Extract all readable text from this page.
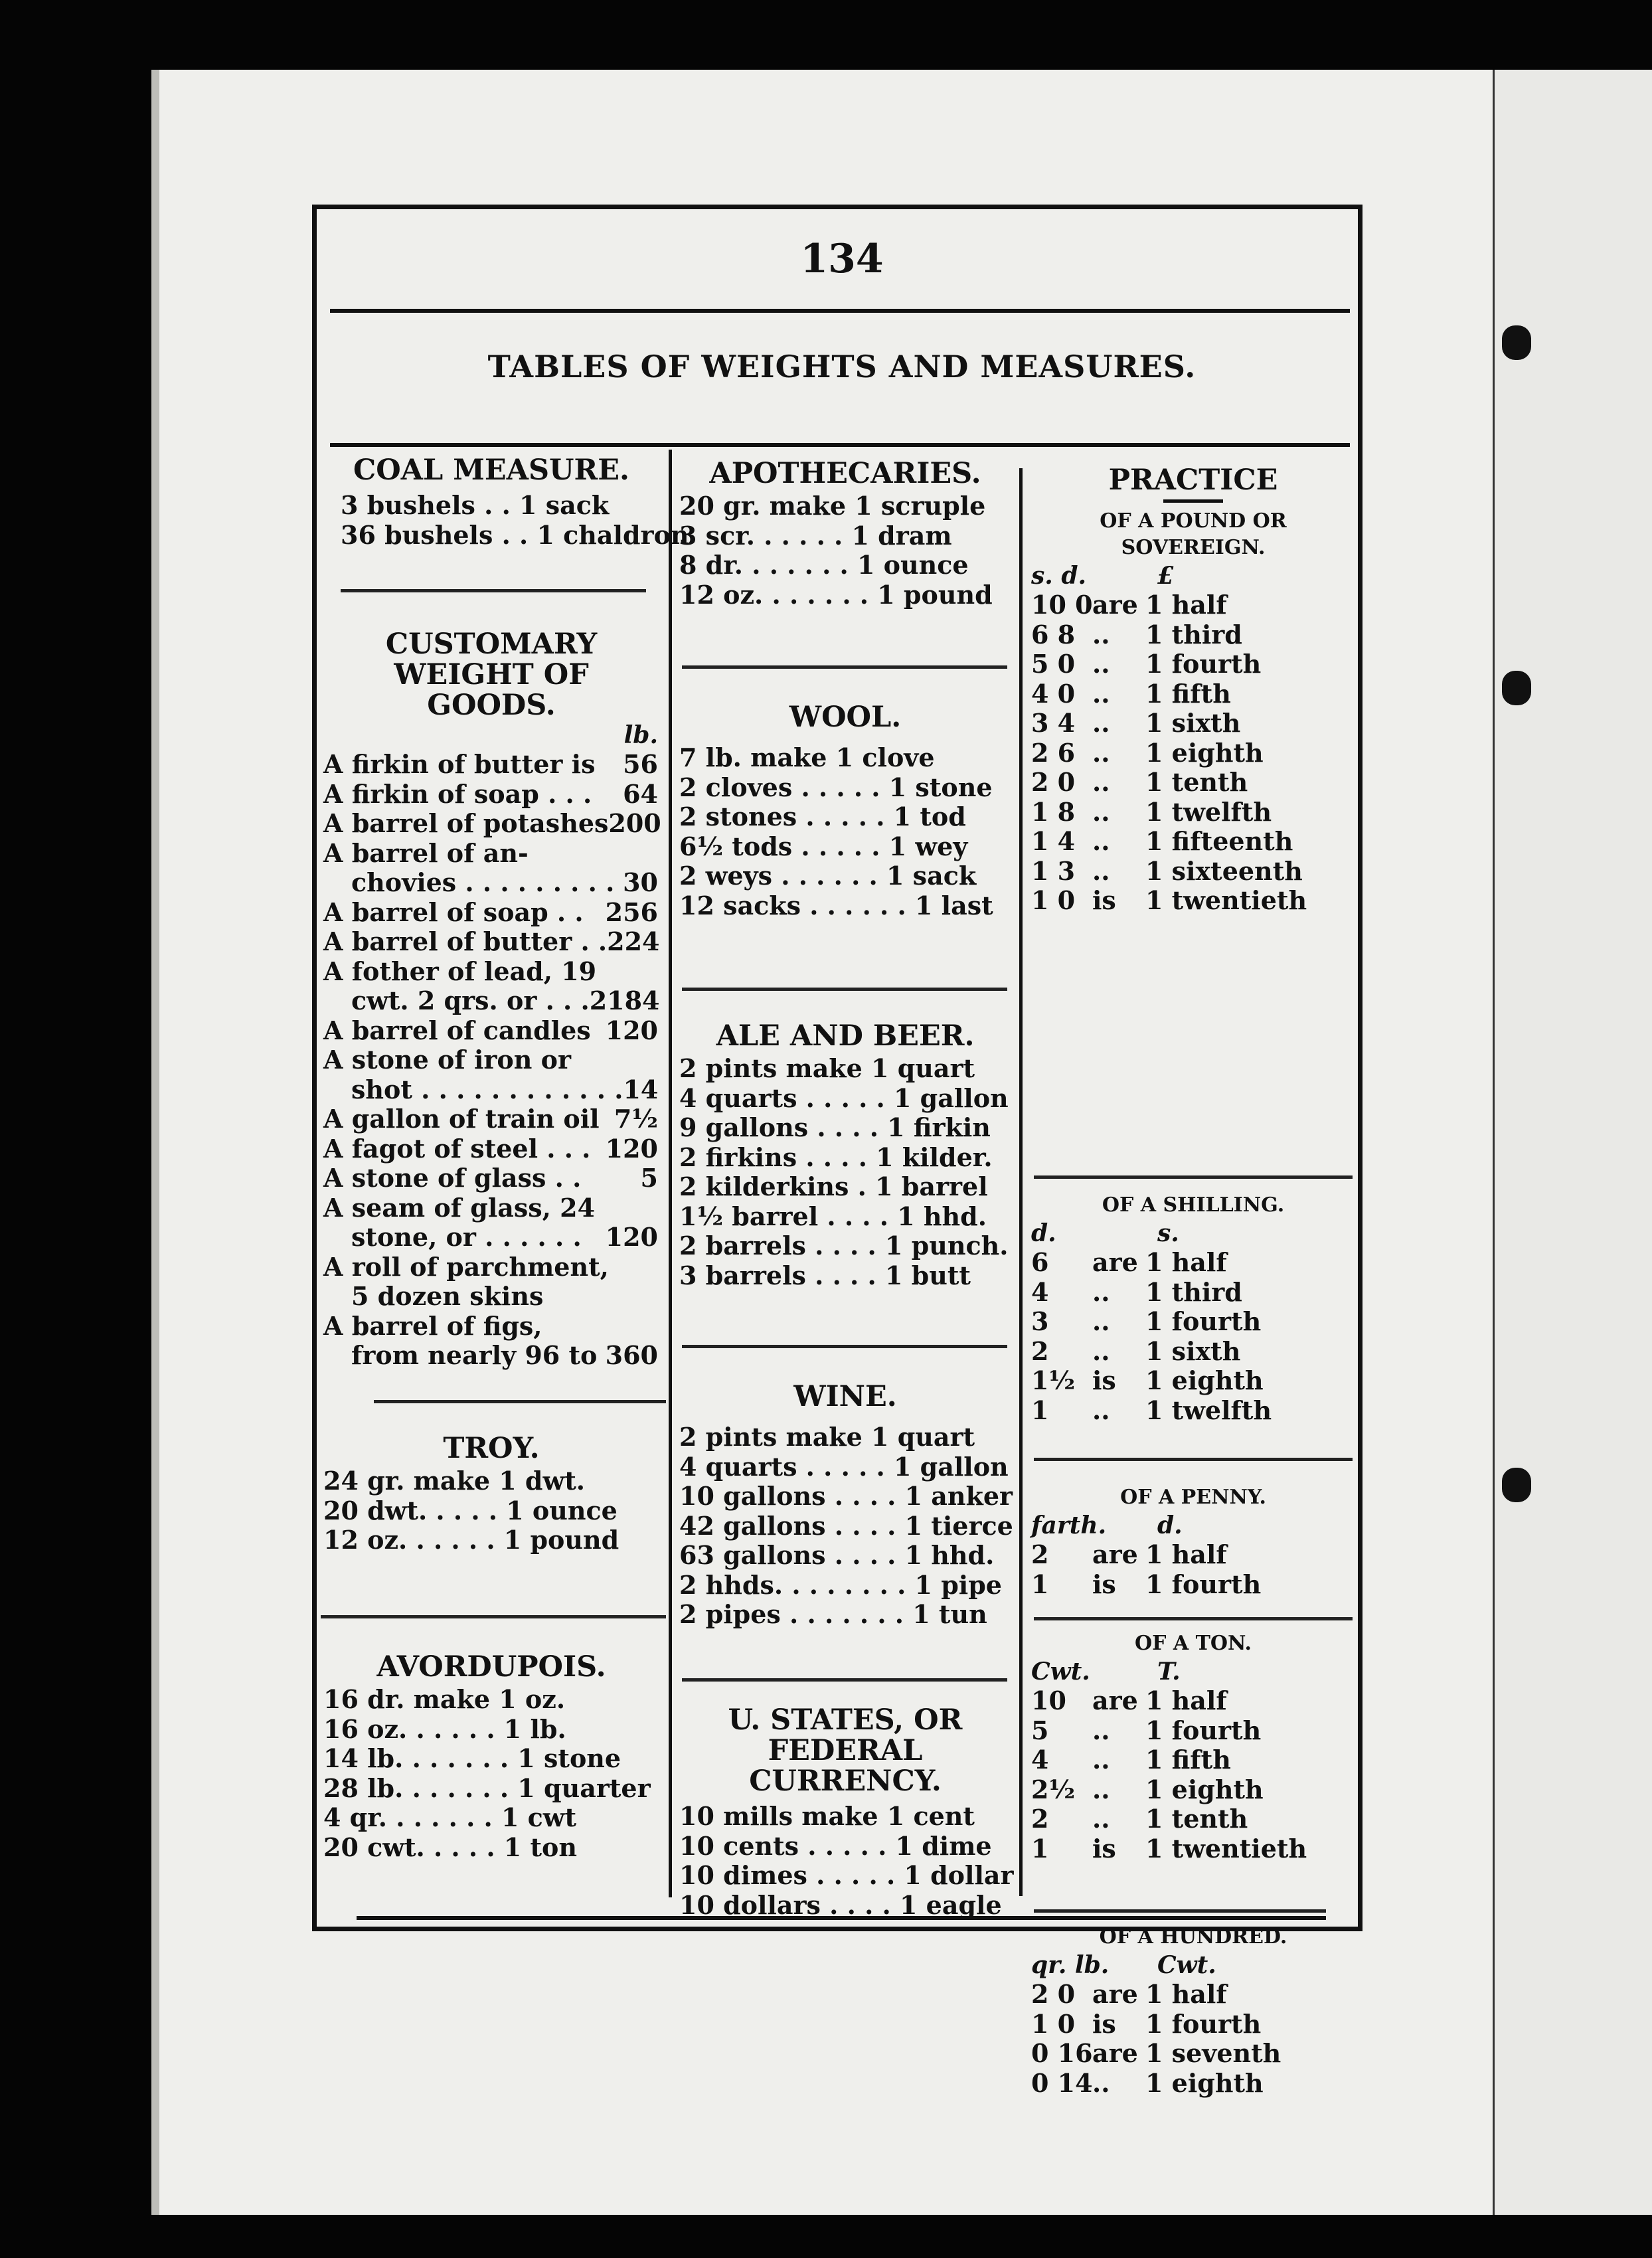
134
TABLES OF WEIGHTS AND MEASURES.
COAL MEASURE.
3 bushels . . 1 sack
36 bushels . . 1 chaldron
CUSTOMARY WEIGHT OF GOODS.
lb.
A firkin of butter is	56
A firkin of soap . . .	64
A barrel of potashes 200
A barrel of an-
chovies . . . . . . . . . 30
A barrel of soap . . 256
A barrel of butter . . 224
A fother of lead, 19
cwt. 2 qrs. or . . . 2184
A barrel of candles 120
A stone of iron or
shot . . . . . . . . . . . . 14
A gallon of train oil 7½
A fagot of steel . . . 120
A stone of glass . .	5
A seam of glass, 24
stone, or . . . . . . 120
A roll of parchment,
5 dozen skins
A barrel of figs,
from nearly 96 to 360
TROY.
24 gr. make 1 dwt.
20 dwt. . . . . 1 ounce
12 oz. . . . . . 1 pound
AVORDUPOIS.
16 dr. make 1 oz.
16 oz. . . . . . 1 lb.
14 lb. . . . . . . 1 stone
28 lb. . . . . . . 1 quarter
4 qr. . . . . . . 1 cwt
20 cwt. . . . . 1 ton
APOTHECARIES.
20 gr. make 1 scruple
3 scr. . . . . . 1 dram
8 dr. . . . . . . 1 ounce
12 oz. . . . . . . 1 pound
WOOL.
7 lb. make 1 clove
2 cloves . . . . . 1 stone
2 stones . . . . . 1 tod
6½ tods . . . . . 1 wey
2 weys . . . . . . 1 sack
12 sacks . . . . . . 1 last
ALE AND BEER.
2 pints make 1 quart
4 quarts . . . . . 1 gallon
9 gallons . . . . 1 firkin
2 firkins . . . . 1 kilder.
2 kilderkins . 1 barrel
1½ barrel . . . . 1 hhd.
2 barrels . . . . 1 punch.
3 barrels . . . . 1 butt
WINE.
2 pints make 1 quart
4 quarts . . . . . 1 gallon
10 gallons . . . . 1 anker
42 gallons . . . . 1 tierce
63 gallons . . . . 1 hhd.
2 hhds. . . . . . . . 1 pipe
2 pipes . . . . . . . 1 tun
U. STATES, OR FEDERAL CURRENCY.
10 mills make 1 cent
10 cents . . . . . 1 dime
10 dimes . . . . . 1 dollar
10 dollars . . . . 1 eagle
PRACTICE
OF A POUND OR SOVEREIGN.
s. d.	£
10 0 are 1 half
6 8 ..	1 third
5 0 ..	1 fourth
4 0 ..	1 fifth
3 4 ..	1 sixth
2 6 ..	1 eighth
2 0 ..	1 tenth
1 8 ..	1 twelfth
1 4 ..	1 fifteenth
1 3 ..	1 sixteenth
1 0 is	1 twentieth
OF A SHILLING.
d.	s.
6	are 1 half
4	..	1 third
3	..	1 fourth
2	..	1 sixth
1½ is	1 eighth
1	..	1 twelfth
OF A PENNY.
farth.	d.
2	are 1 half
1	is	1 fourth
OF A TON.
Cwt.	T.
10	are 1 half
5	..	1 fourth
4	..	1 fifth
2½ ..	1 eighth
2	..	1 tenth
1	is	1 twentieth
OF A HUNDRED.
qr. lb.	Cwt.
2 0 are 1 half
1 0 is	1 fourth
0 16 are 1 seventh
0 14 ..	1 eighth
